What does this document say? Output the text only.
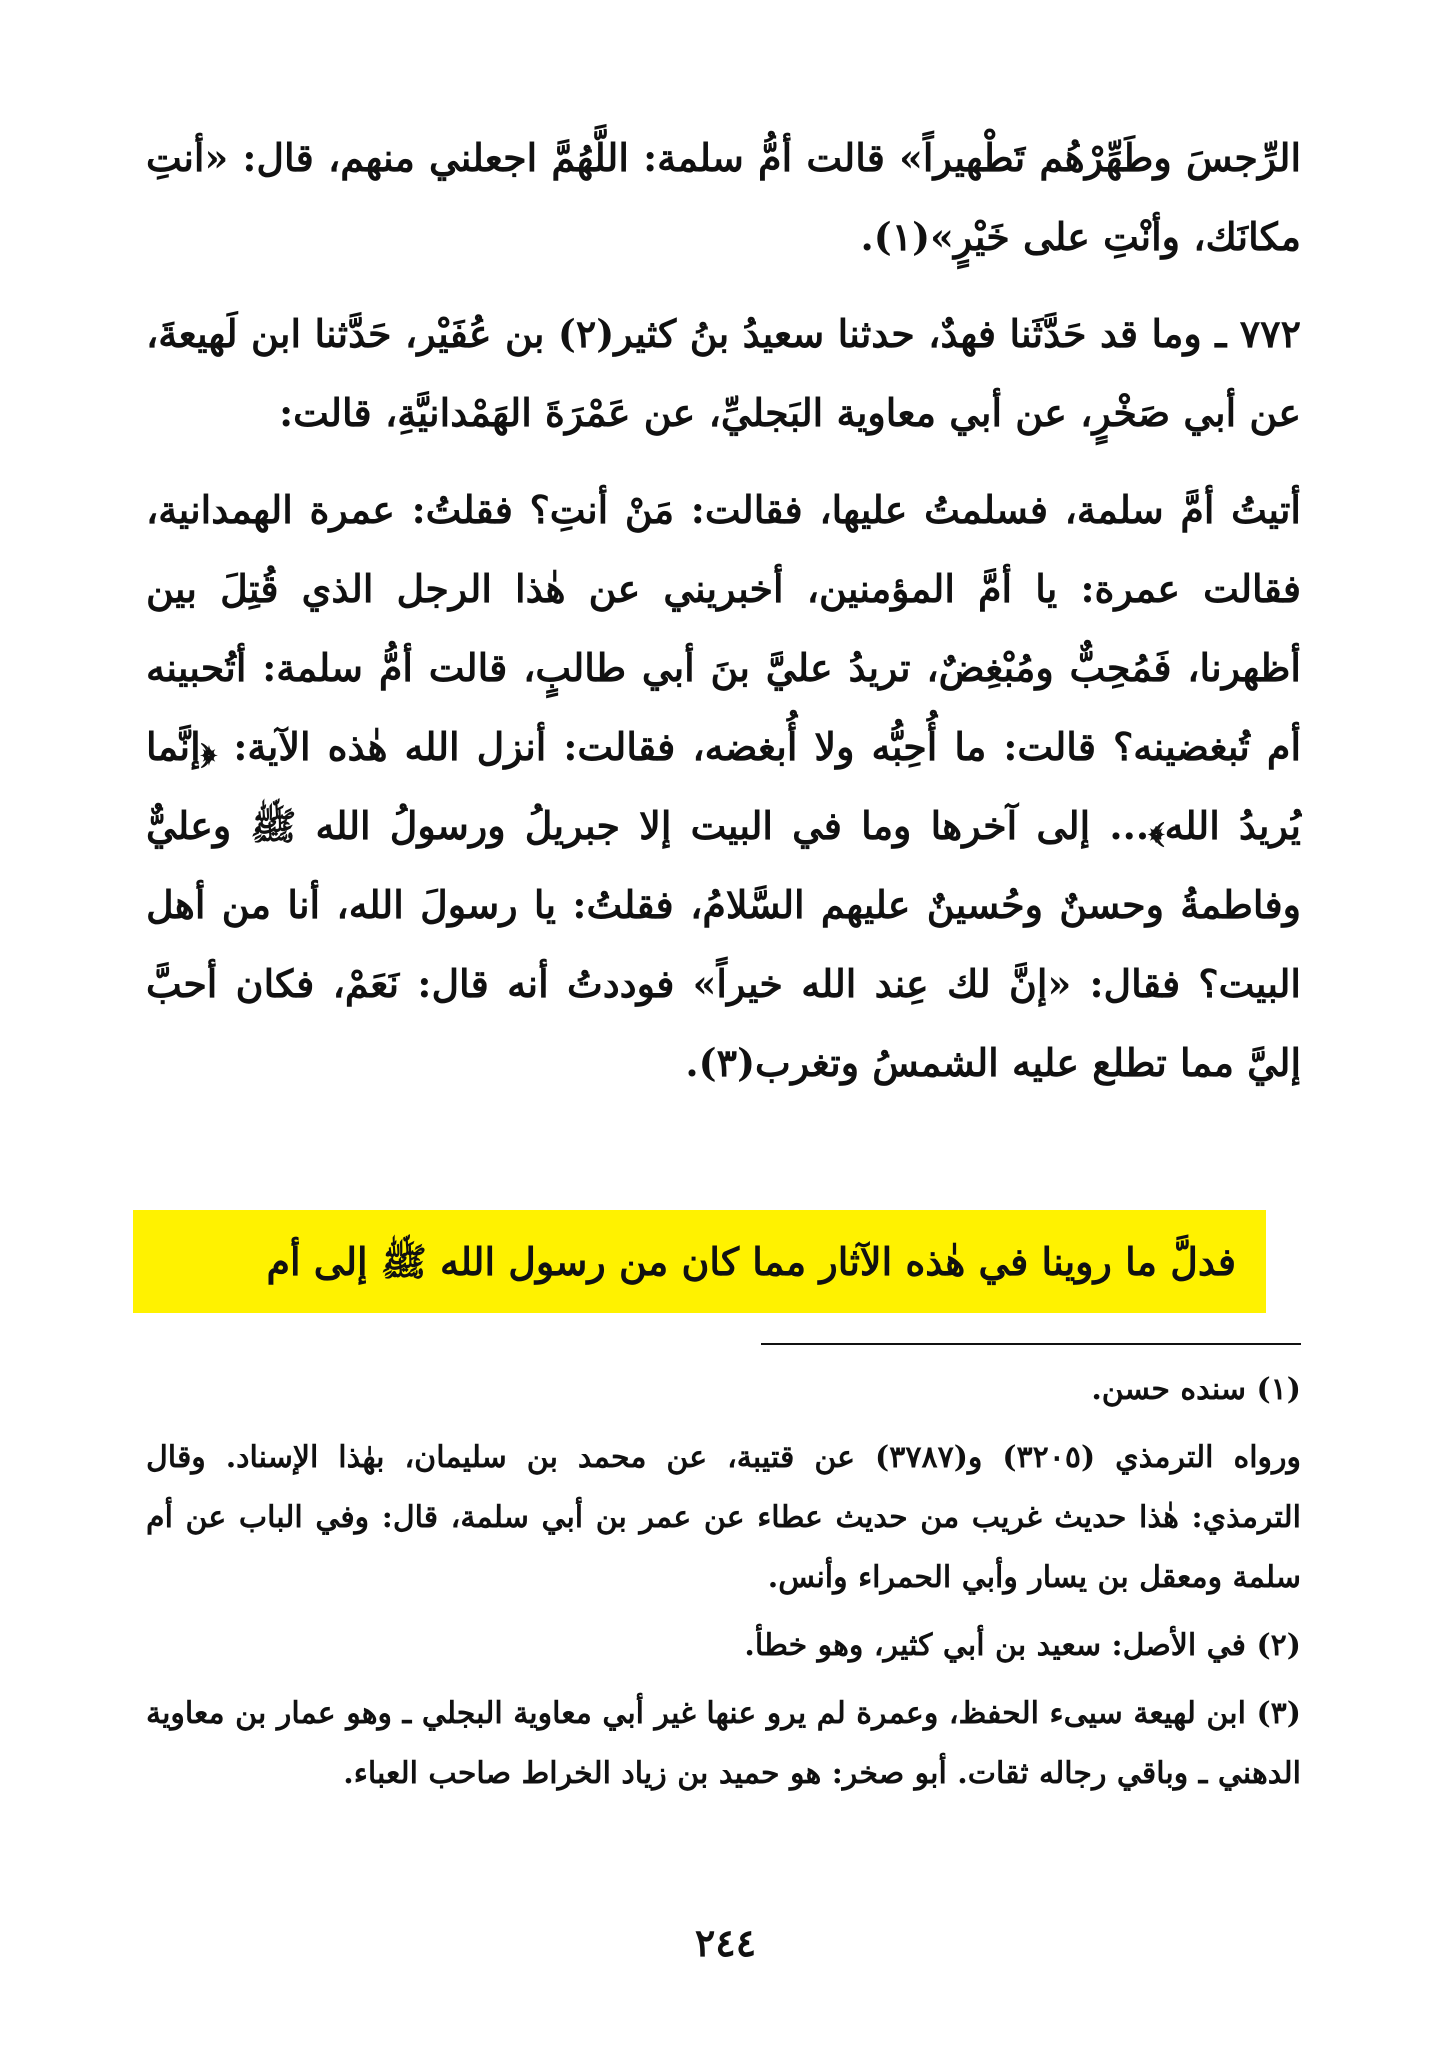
الرِّجسَ وطَهِّرْهُم تَطْهيراً» قالت أمُّ سلمة: اللَّهُمَّ اجعلني منهم، قال: «أنتِ مكانَك، وأنْتِ على خَيْرٍ»(١).

٧٧٢ ـ وما قد حَدَّثَنا فهدٌ، حدثنا سعيدُ بنُ كثير(٢) بن عُفَيْر، حَدَّثنا ابن لَهيعةَ، عن أبي صَخْرٍ، عن أبي معاوية البَجليِّ، عن عَمْرَةَ الهَمْدانيَّةِ، قالت:

أتيتُ أمَّ سلمة، فسلمتُ عليها، فقالت: مَنْ أنتِ؟ فقلتُ: عمرة الهمدانية، فقالت عمرة: يا أمَّ المؤمنين، أخبريني عن هٰذا الرجل الذي قُتِلَ بين أظهرنا، فَمُحِبٌّ ومُبْغِضٌ، تريدُ عليَّ بنَ أبي طالبٍ، قالت أمُّ سلمة: أتُحبينه أم تُبغضينه؟ قالت: ما أُحِبُّه ولا أُبغضه، فقالت: أنزل الله هٰذه الآية: ﴿إنَّما يُريدُ الله﴾... إلى آخرها وما في البيت إلا جبريلُ ورسولُ الله ﷺ وعليٌّ وفاطمةُ وحسنٌ وحُسينٌ عليهم السَّلامُ، فقلتُ: يا رسولَ الله، أنا من أهل البيت؟ فقال: «إنَّ لك عِند الله خيراً» فوددتُ أنه قال: نَعَمْ، فكان أحبَّ إليَّ مما تطلع عليه الشمسُ وتغرب(٣).

فدلَّ ما روينا في هٰذه الآثار مما كان من رسول الله ﷺ إلى أم

(١) سنده حسن.

ورواه الترمذي (٣٢٠٥) و(٣٧٨٧) عن قتيبة، عن محمد بن سليمان، بهٰذا الإسناد. وقال الترمذي: هٰذا حديث غريب من حديث عطاء عن عمر بن أبي سلمة، قال: وفي الباب عن أم سلمة ومعقل بن يسار وأبي الحمراء وأنس.

(٢) في الأصل: سعيد بن أبي كثير، وهو خطأ.

(٣) ابن لهيعة سيىء الحفظ، وعمرة لم يرو عنها غير أبي معاوية البجلي ـ وهو عمار بن معاوية الدهني ـ وباقي رجاله ثقات. أبو صخر: هو حميد بن زياد الخراط صاحب العباء.

٢٤٤
